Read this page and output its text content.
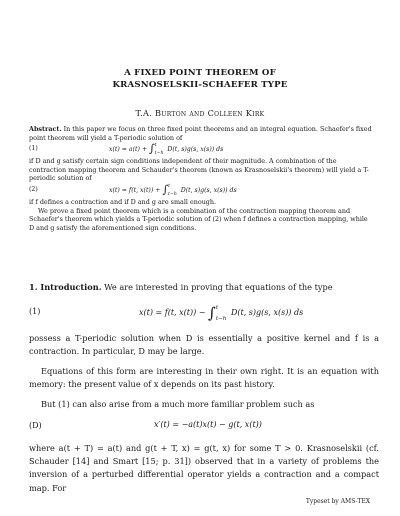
A FIXED POINT THEOREM OF
KRASNOSELSKII-SCHAEFER TYPE
T.A. Burton and Colleen Kirk

Abstract. In this paper we focus on three fixed point theorems and an integral equation. Schaefer's fixed point theorem will yield a T-periodic solution of

(1)	x(t) = a(t) + ∫ t
t−h
D(t, s)g(s, x(s)) ds

if D and g satisfy certain sign conditions independent of their magnitude. A combination of the contraction mapping theorem and Schauder's theorem (known as Krasnoselskii's theorem) will yield a T-periodic solution of

(2)	x(t) = f(t, x(t)) + ∫ t
t−h
D(t, s)g(s, x(s)) ds

if f defines a contraction and if D and g are small enough.

We prove a fixed point theorem which is a combination of the contraction mapping theorem and Schaefer's theorem which yields a T-periodic solution of (2) when f defines a contraction mapping, while D and g satisfy the aforementioned sign conditions.

1. Introduction. We are interested in proving that equations of the type
(1)	x(t) = f(t, x(t)) − ∫ t
t−h
D(t, s)g(s, x(s)) ds

possess a T-periodic solution when D is essentially a positive kernel and f is a contraction. In particular, D may be large.

Equations of this form are interesting in their own right. It is an equation with memory: the present value of x depends on its past history.

But (1) can also arise from a much more familiar problem such as

(D)	x′(t) = −a(t)x(t) − g(t, x(t))

where a(t + T) = a(t) and g(t + T, x) = g(t, x) for some T > 0. Krasnoselskii (cf. Schauder [14] and Smart [15; p. 31]) observed that in a variety of problems the inversion of a perturbed differential operator yields a contraction and a compact map. For

Typeset by AMS-TEX
